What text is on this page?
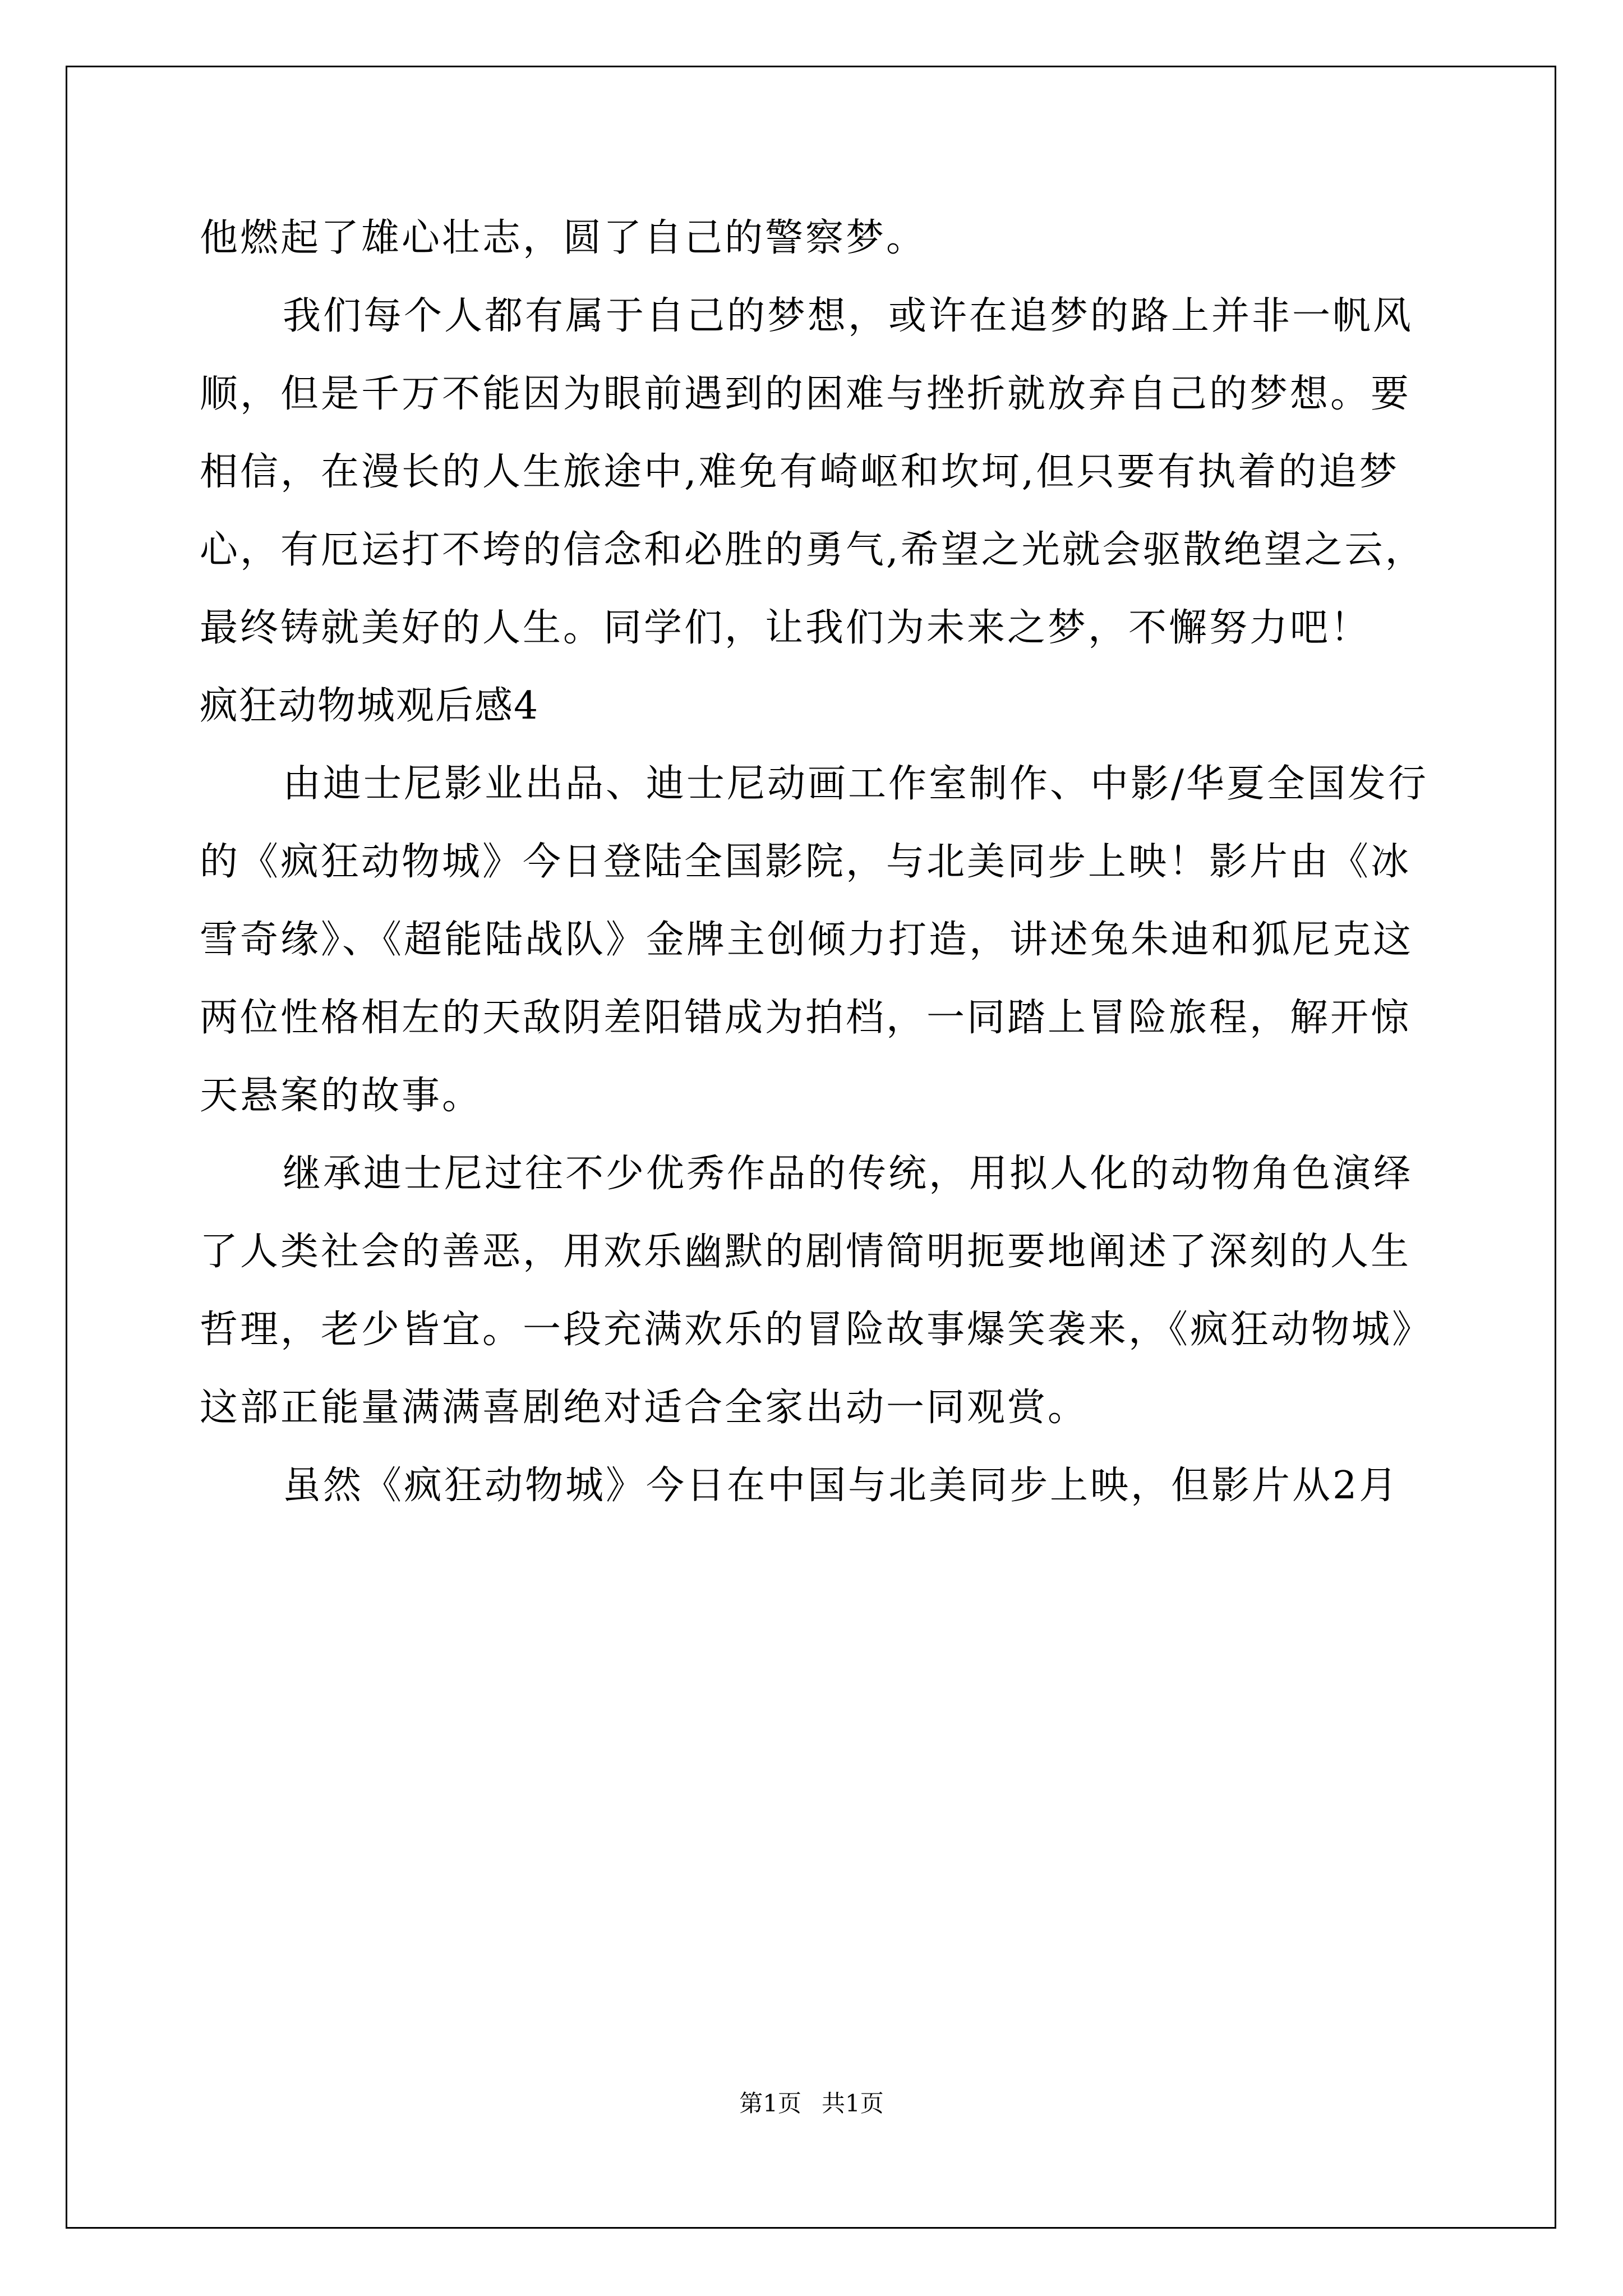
他燃起了雄心壮志，圆了自己的警察梦。
我们每个人都有属于自己的梦想，或许在追梦的路上并非一帆风
顺，但是千万不能因为眼前遇到的困难与挫折就放弃自己的梦想。要
相信，在漫长的人生旅途中,难免有崎岖和坎坷,但只要有执着的追梦
心，有厄运打不垮的信念和必胜的勇气,希望之光就会驱散绝望之云，
最终铸就美好的人生。同学们，让我们为未来之梦，不懈努力吧！
疯狂动物城观后感4
由迪士尼影业出品、迪士尼动画工作室制作、中影/华夏全国发行
的《疯狂动物城》今日登陆全国影院，与北美同步上映！影片由《冰
雪奇缘》、《超能陆战队》金牌主创倾力打造，讲述兔朱迪和狐尼克这
两位性格相左的天敌阴差阳错成为拍档，一同踏上冒险旅程，解开惊
天悬案的故事。
继承迪士尼过往不少优秀作品的传统，用拟人化的动物角色演绎
了人类社会的善恶，用欢乐幽默的剧情简明扼要地阐述了深刻的人生
哲理，老少皆宜。一段充满欢乐的冒险故事爆笑袭来，《疯狂动物城》
这部正能量满满喜剧绝对适合全家出动一同观赏。
虽然《疯狂动物城》今日在中国与北美同步上映，但影片从2月
第1页 共1页
